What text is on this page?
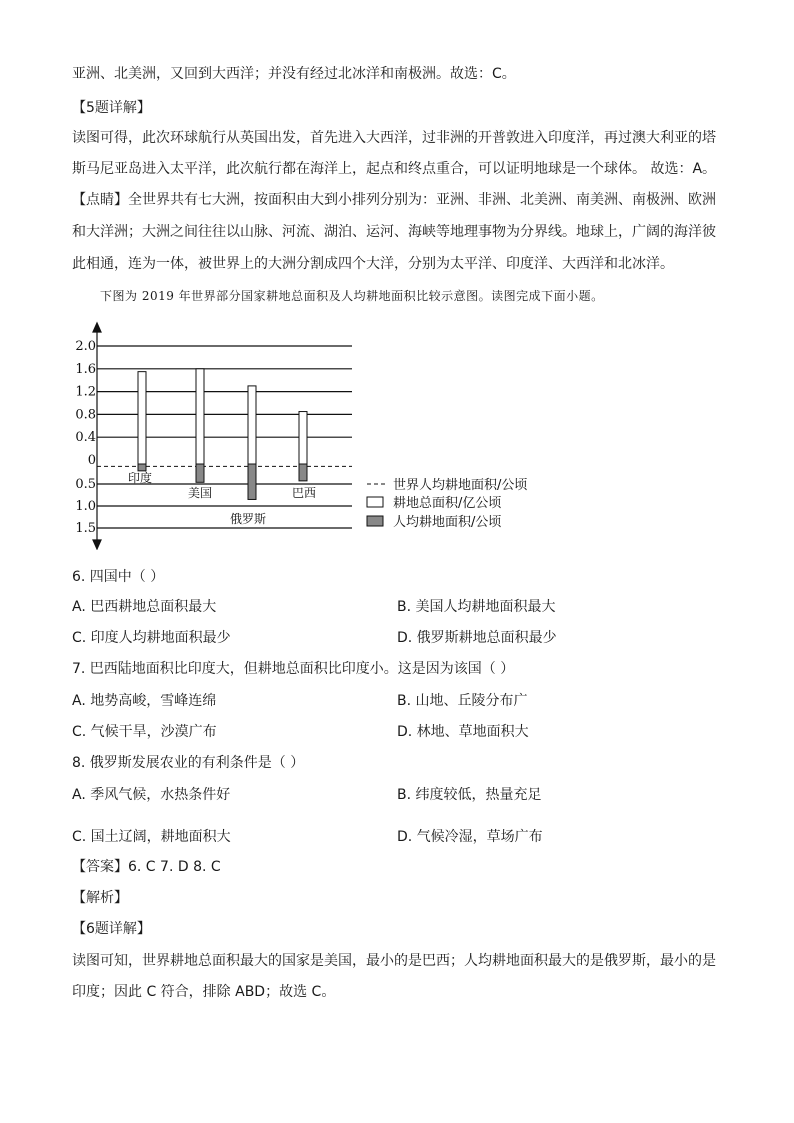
亚洲、北美洲，又回到大西洋；并没有经过北冰洋和南极洲。故选：C。
【5题详解】
读图可得，此次环球航行从英国出发，首先进入大西洋，过非洲的开普敦进入印度洋，再过澳大利亚的塔
斯马尼亚岛进入太平洋，此次航行都在海洋上，起点和终点重合，可以证明地球是一个球体。 故选：A。
【点睛】全世界共有七大洲，按面积由大到小排列分别为：亚洲、非洲、北美洲、南美洲、南极洲、欧洲
和大洋洲；大洲之间往往以山脉、河流、湖泊、运河、海峡等地理事物为分界线。地球上，广阔的海洋彼
此相通，连为一体，被世界上的大洲分割成四个大洋，分别为太平洋、印度洋、大西洋和北冰洋。
下图为 2019 年世界部分国家耕地总面积及人均耕地面积比较示意图。读图完成下面小题。
2.0
1.6
1.2
0.8
0.4
0
0.5
1.0
1.5
印度
美国
俄罗斯
巴西	世界人均耕地面积/公顷
耕地总面积/亿公顷
人均耕地面积/公顷
6. 四国中（ ）
A. 巴西耕地总面积最大	B. 美国人均耕地面积最大
C. 印度人均耕地面积最少	D. 俄罗斯耕地总面积最少
7. 巴西陆地面积比印度大，但耕地总面积比印度小。这是因为该国（ ）
A. 地势高峻，雪峰连绵	B. 山地、丘陵分布广
C. 气候干旱，沙漠广布	D. 林地、草地面积大
8. 俄罗斯发展农业的有利条件是（ ）
A. 季风气候，水热条件好	B. 纬度较低，热量充足
C. 国土辽阔，耕地面积大	D. 气候冷湿，草场广布
【答案】6. C 7. D 8. C
【解析】
【6题详解】
读图可知，世界耕地总面积最大的国家是美国，最小的是巴西；人均耕地面积最大的是俄罗斯，最小的是
印度；因此 C 符合，排除 ABD；故选 C。
